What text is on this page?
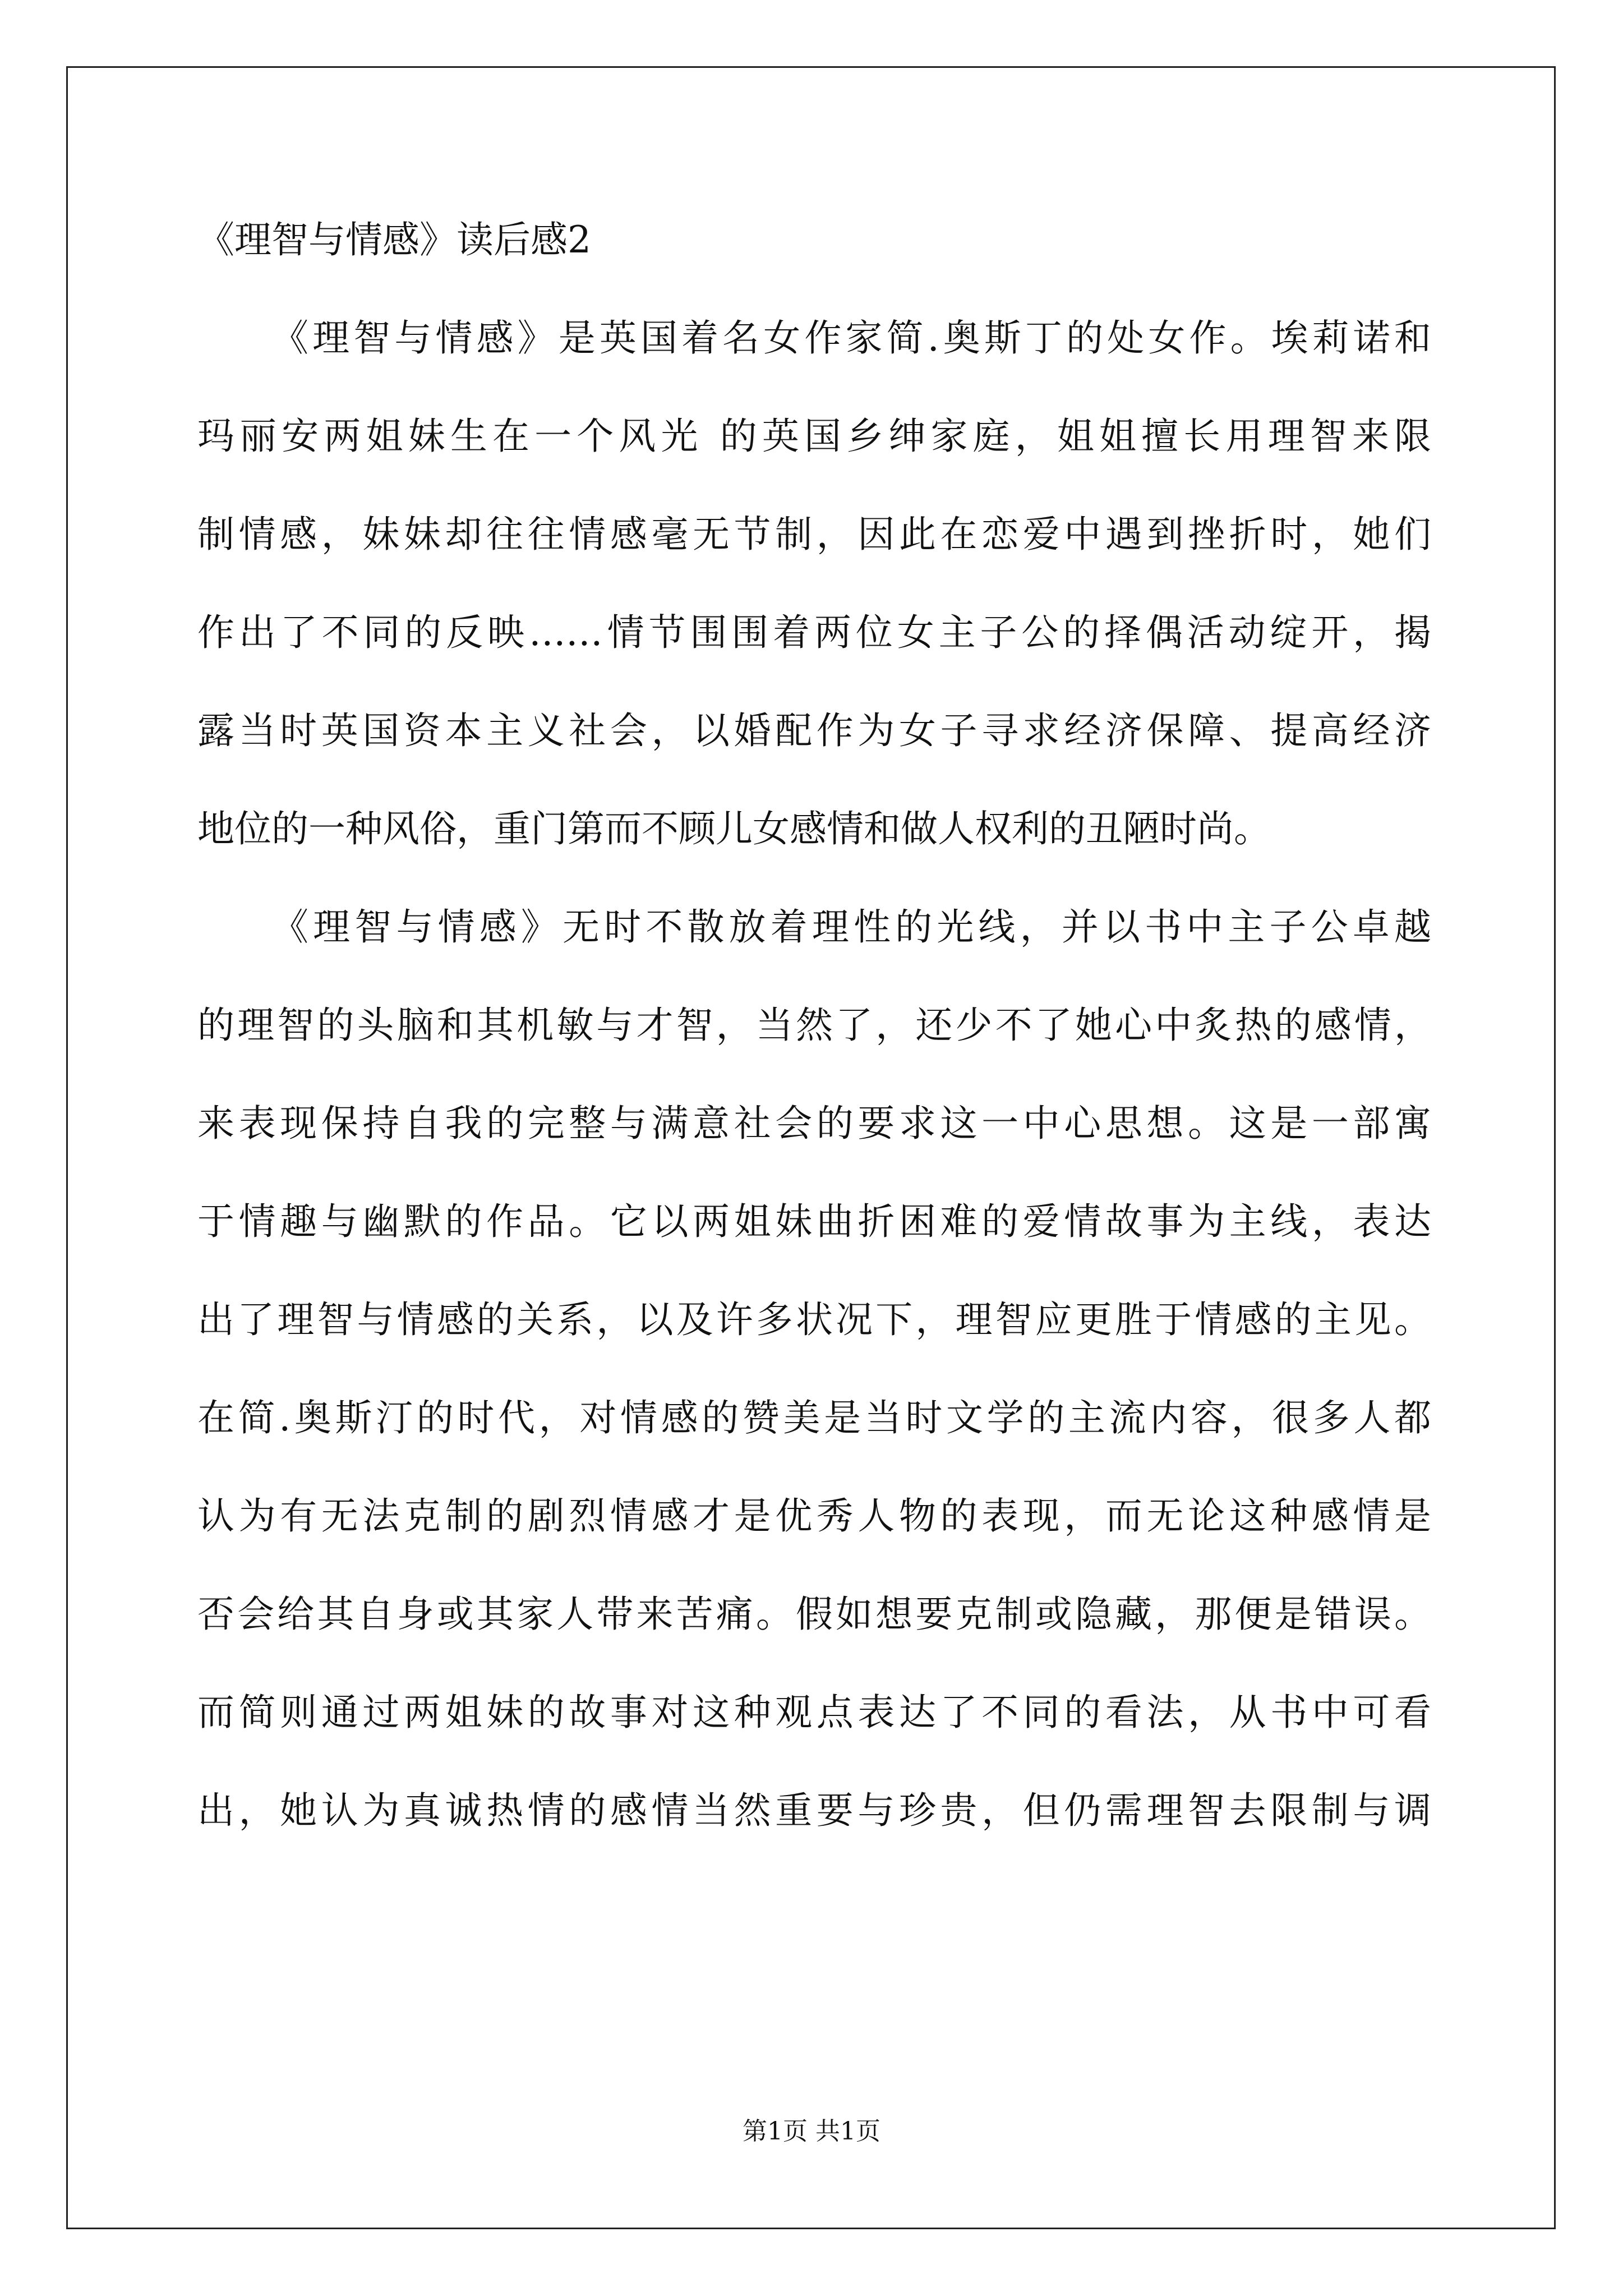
《理智与情感》读后感2

《理智与情感》是英国着名女作家简.奥斯丁的处女作。埃莉诺和

玛丽安两姐妹生在一个风光 的英国乡绅家庭，姐姐擅长用理智来限

制情感，妹妹却往往情感毫无节制，因此在恋爱中遇到挫折时，她们

作出了不同的反映……情节围围着两位女主子公的择偶活动绽开，揭

露当时英国资本主义社会，以婚配作为女子寻求经济保障、提高经济

地位的一种风俗，重门第而不顾儿女感情和做人权利的丑陋时尚。

《理智与情感》无时不散放着理性的光线，并以书中主子公卓越

的理智的头脑和其机敏与才智，当然了，还少不了她心中炙热的感情，

来表现保持自我的完整与满意社会的要求这一中心思想。这是一部寓

于情趣与幽默的作品。它以两姐妹曲折困难的爱情故事为主线，表达

出了理智与情感的关系，以及许多状况下，理智应更胜于情感的主见。

在简.奥斯汀的时代，对情感的赞美是当时文学的主流内容，很多人都

认为有无法克制的剧烈情感才是优秀人物的表现，而无论这种感情是

否会给其自身或其家人带来苦痛。假如想要克制或隐藏，那便是错误。

而简则通过两姐妹的故事对这种观点表达了不同的看法，从书中可看

出，她认为真诚热情的感情当然重要与珍贵，但仍需理智去限制与调

第1页 共1页
